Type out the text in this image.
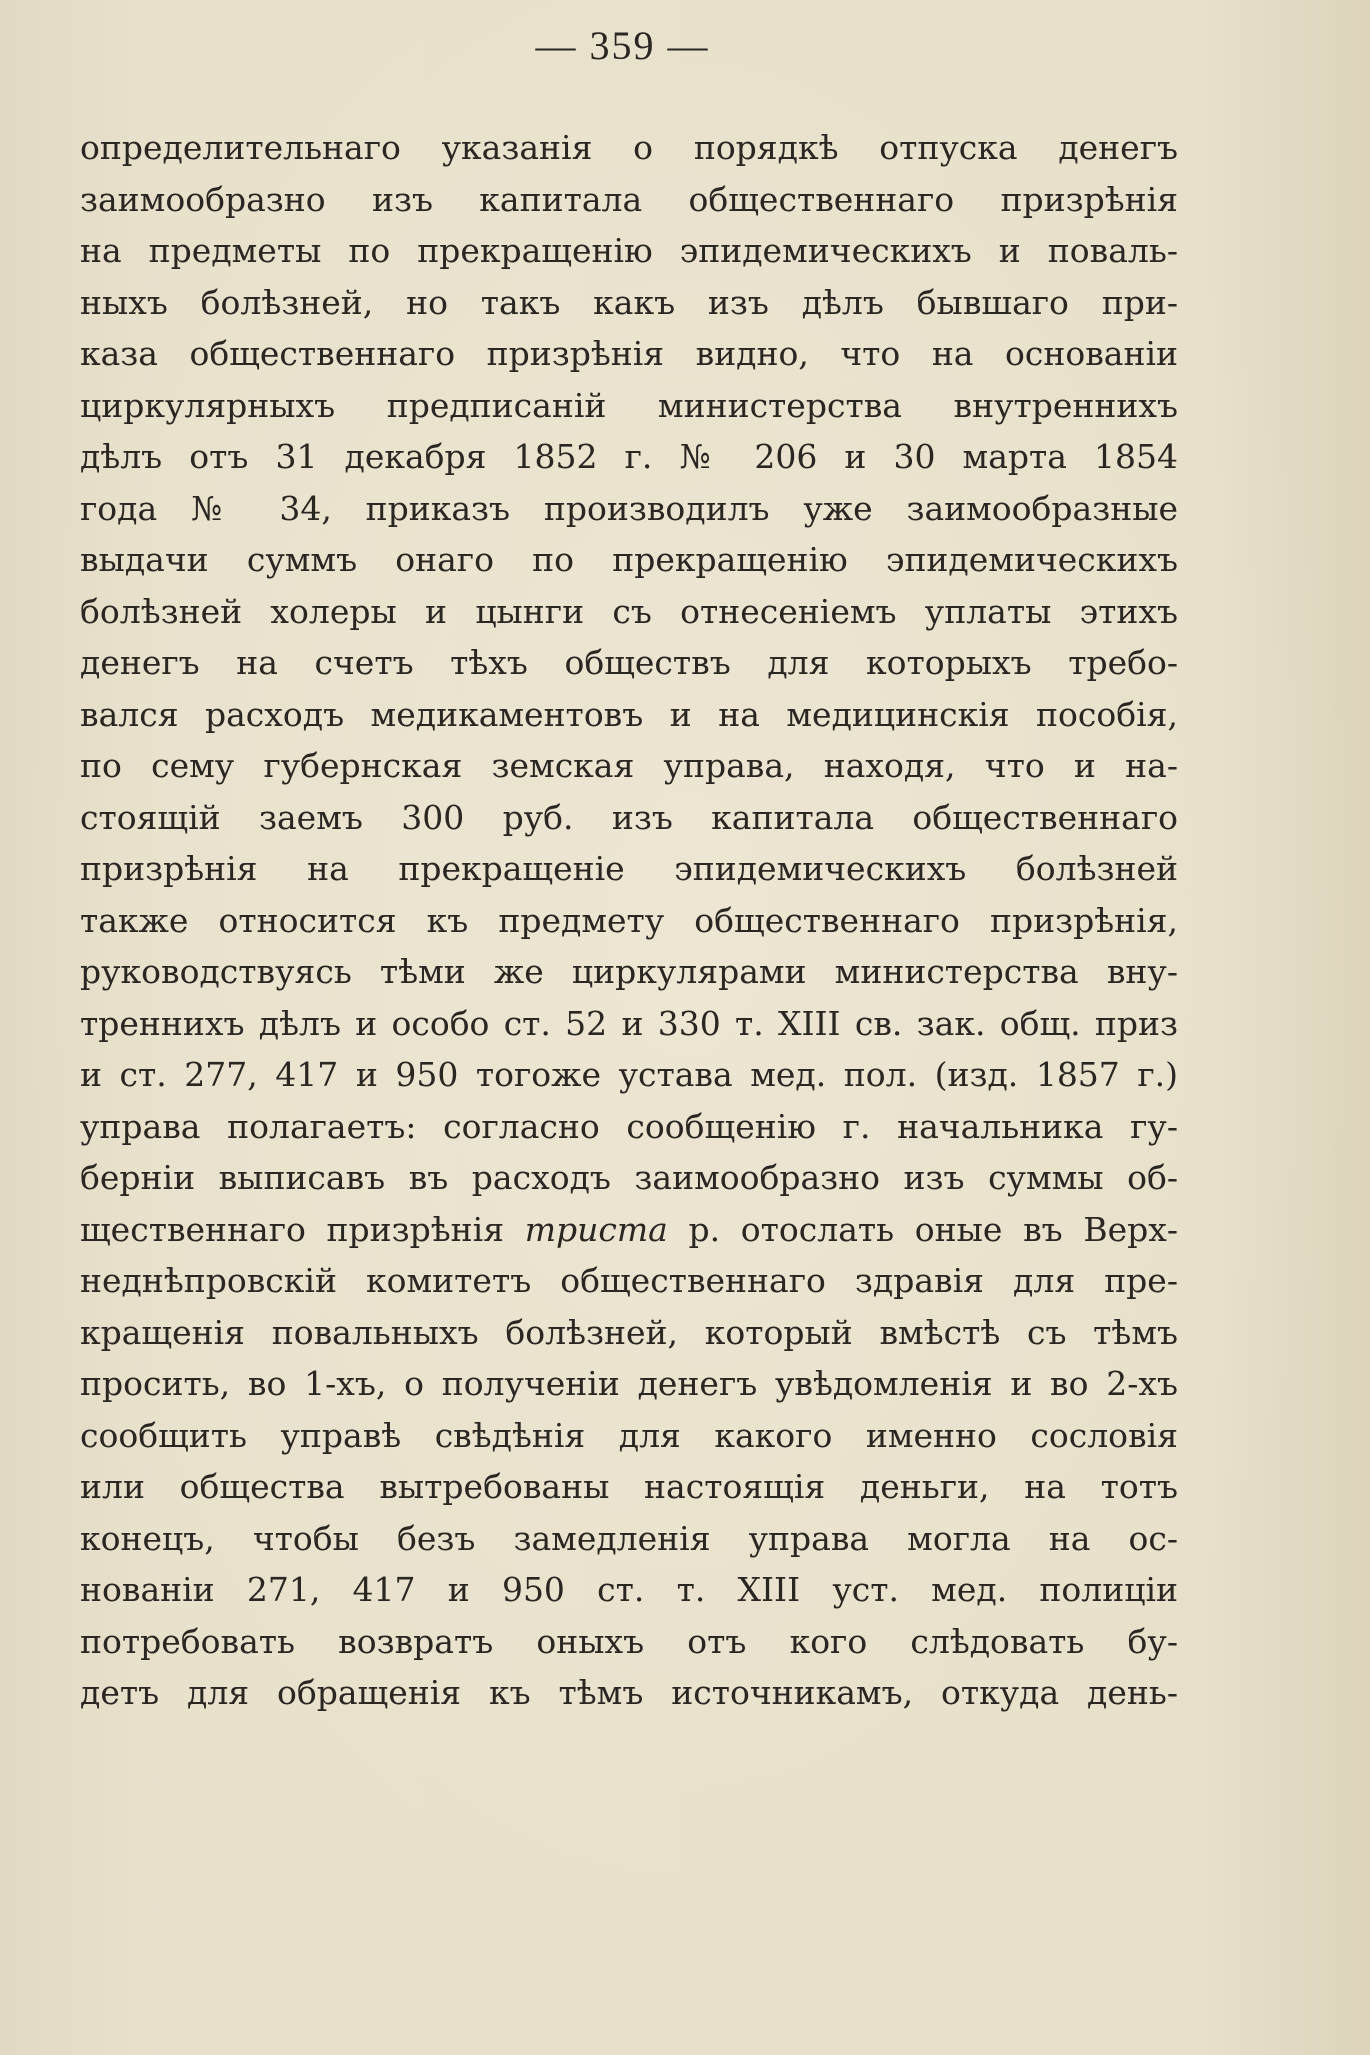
— 359 —
определительнаго указанія о порядкѣ отпуска денегъ
заимообразно изъ капитала общественнаго призрѣнія
на предметы по прекращенію эпидемическихъ и поваль-
ныхъ болѣзней, но такъ какъ изъ дѣлъ бывшаго при-
каза общественнаго призрѣнія видно, что на основаніи
циркулярныхъ предписаній министерства внутреннихъ
дѣлъ отъ 31 декабря 1852 г. № 206 и 30 марта 1854
года № 34, приказъ производилъ уже заимообразные
выдачи суммъ онаго по прекращенію эпидемическихъ
болѣзней холеры и цынги съ отнесеніемъ уплаты этихъ
денегъ на счетъ тѣхъ обществъ для которыхъ требо-
вался расходъ медикаментовъ и на медицинскія пособія,
по сему губернская земская управа, находя, что и на-
стоящій заемъ 300 руб. изъ капитала общественнаго
призрѣнія на прекращеніе эпидемическихъ болѣзней
также относится къ предмету общественнаго призрѣнія,
руководствуясь тѣми же циркулярами министерства вну-
треннихъ дѣлъ и особо ст. 52 и 330 т. XIII св. зак. общ. приз
и ст. 277, 417 и 950 тогоже устава мед. пол. (изд. 1857 г.)
управа полагаетъ: согласно сообщенію г. начальника гу-
берніи выписавъ въ расходъ заимообразно изъ суммы об-
щественнаго призрѣнія триста р. отослать оные въ Верх-
неднѣпровскій комитетъ общественнаго здравія для пре-
кращенія повальныхъ болѣзней, который вмѣстѣ съ тѣмъ
просить, во 1-хъ, о полученіи денегъ увѣдомленія и во 2-хъ
сообщить управѣ свѣдѣнія для какого именно сословія
или общества вытребованы настоящія деньги, на тотъ
конецъ, чтобы безъ замедленія управа могла на ос-
нованіи 271, 417 и 950 ст. т. XIII уст. мед. полиціи
потребовать возвратъ оныхъ отъ кого слѣдовать бу-
детъ для обращенія къ тѣмъ источникамъ, откуда день-
